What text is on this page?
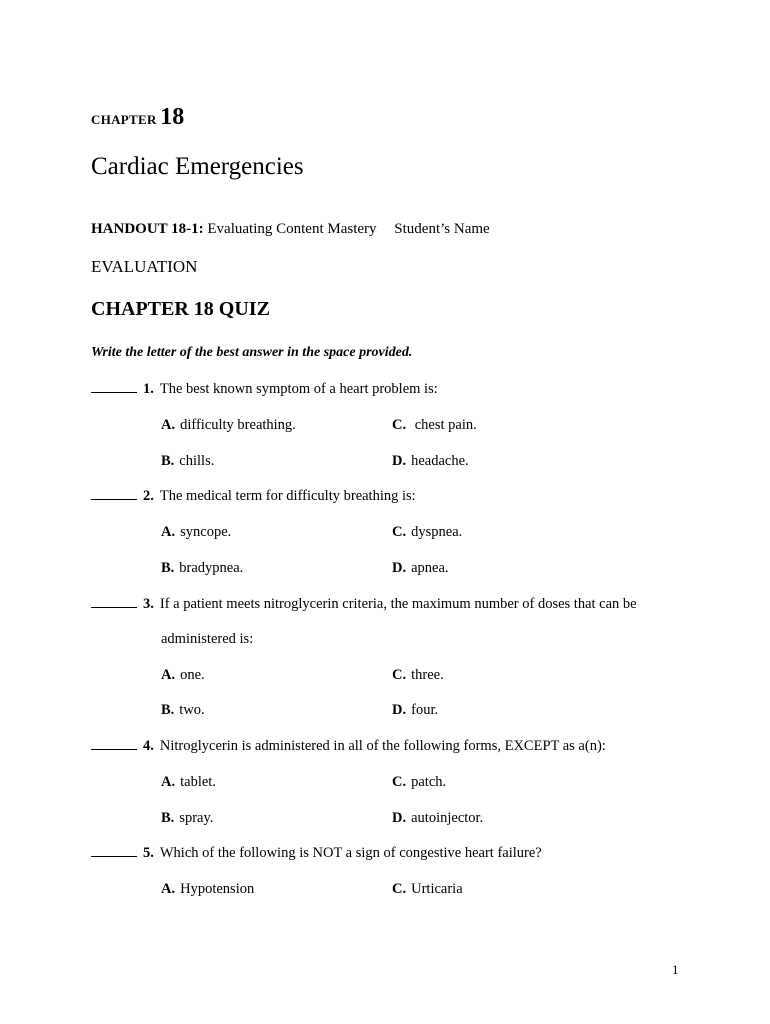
CHAPTER 18
Cardiac Emergencies
HANDOUT 18-1: Evaluating Content Mastery Student’s Name
EVALUATION
CHAPTER 18 QUIZ
Write the letter of the best answer in the space provided.
1. The best known symptom of a heart problem is:
A. difficulty breathing.	C. chest pain.
B. chills.	D. headache.
2. The medical term for difficulty breathing is:
A. syncope.	C. dyspnea.
B. bradypnea.	D. apnea.
3. If a patient meets nitroglycerin criteria, the maximum number of doses that can be
administered is:
A. one.	C. three.
B. two.	D. four.
4. Nitroglycerin is administered in all of the following forms, EXCEPT as a(n):
A. tablet.	C. patch.
B. spray.	D. autoinjector.
5. Which of the following is NOT a sign of congestive heart failure?
A. Hypotension	C. Urticaria
1
